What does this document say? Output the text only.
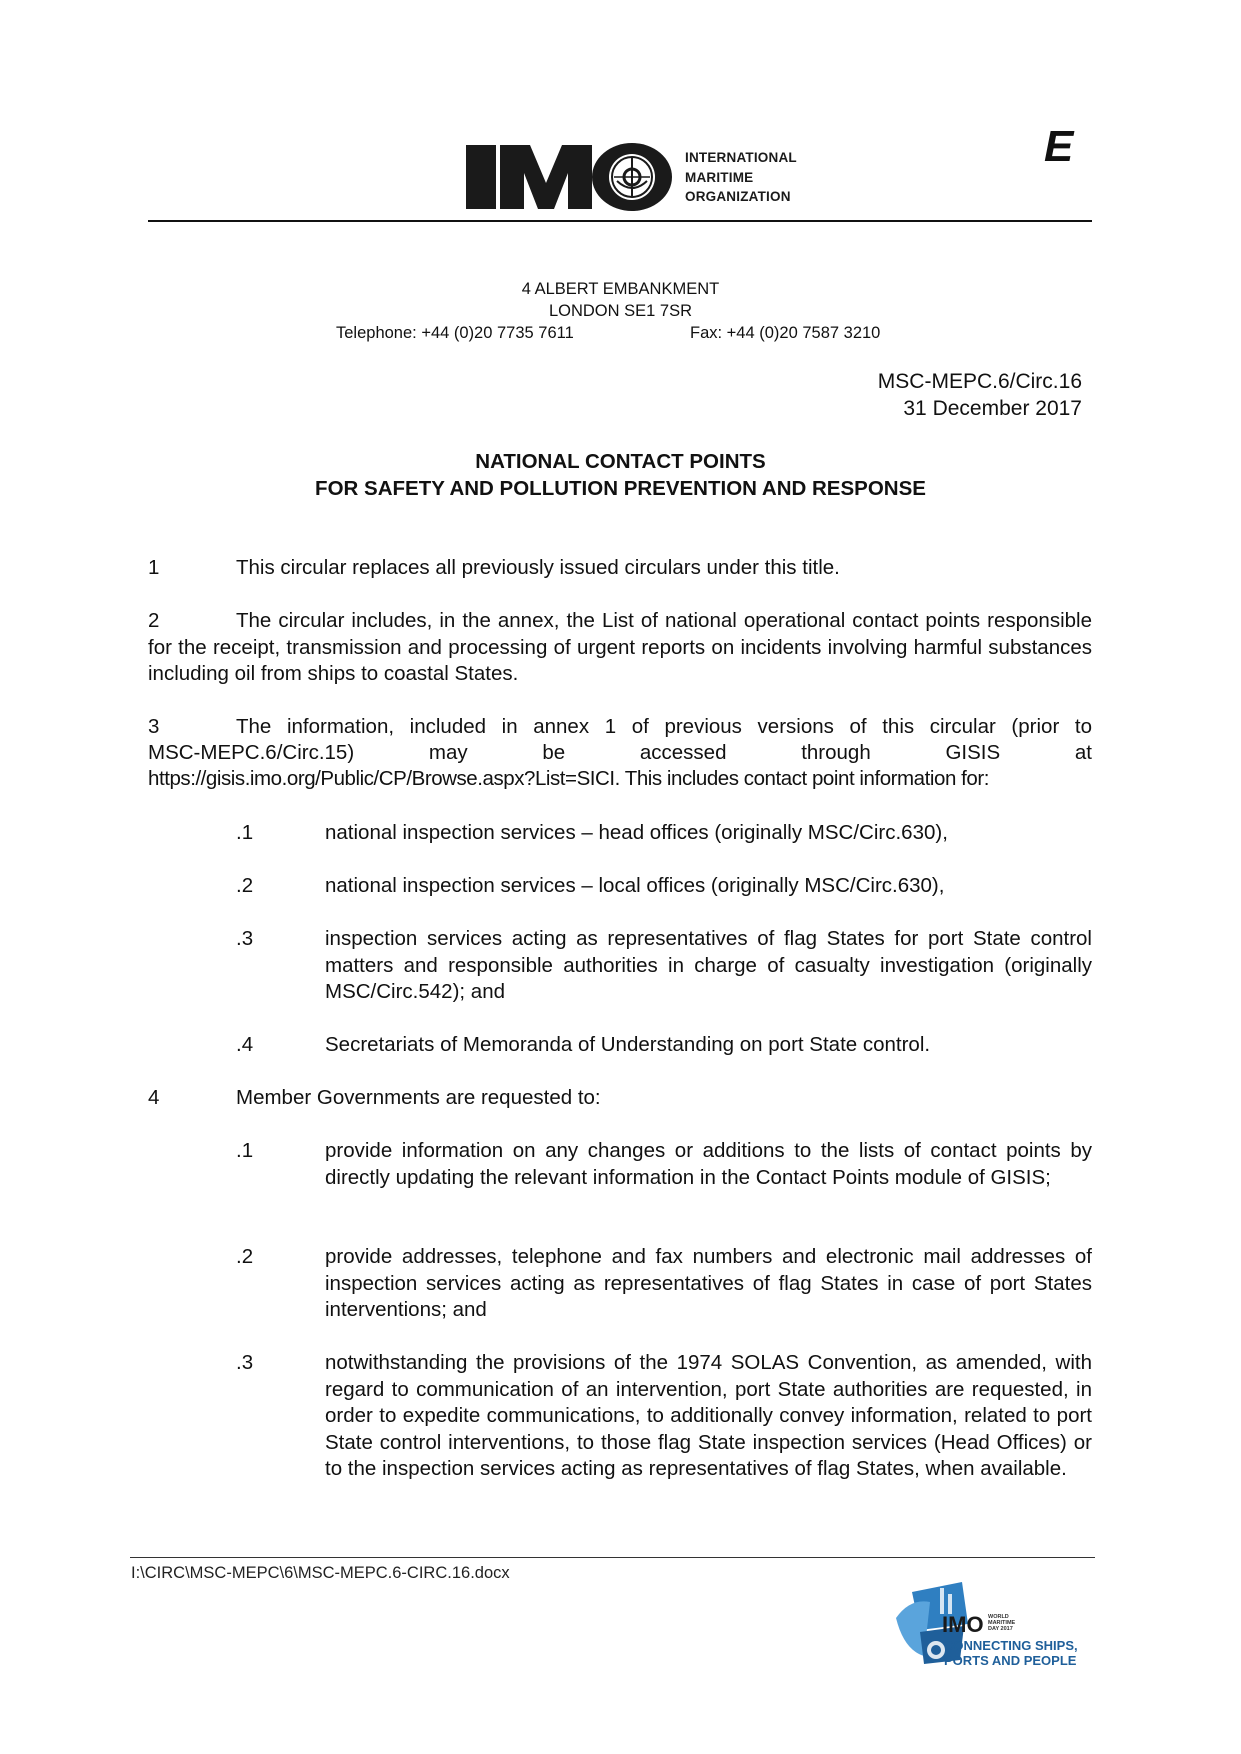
INTERNATIONAL
MARITIME
ORGANIZATION
E
4 ALBERT EMBANKMENT
LONDON SE1 7SR
Telephone: +44 (0)20 7735 7611	Fax: +44 (0)20 7587 3210
MSC-MEPC.6/Circ.16
31 December 2017
NATIONAL CONTACT POINTS
FOR SAFETY AND POLLUTION PREVENTION AND RESPONSE
1	This circular replaces all previously issued circulars under this title.
2	The circular includes, in the annex, the List of national operational contact points responsible for the receipt, transmission and processing of urgent reports on incidents involving harmful substances including oil from ships to coastal States.
3	The information, included in annex 1 of previous versions of this circular (prior to
MSC-MEPC.6/Circ.15)	may	be	accessed	through	GISIS	at
https://gisis.imo.org/Public/CP/Browse.aspx?List=SICI. This includes contact point information for:
.1	national inspection services – head offices (originally MSC/Circ.630),
.2	national inspection services – local offices (originally MSC/Circ.630),
.3	inspection services acting as representatives of flag States for port State control matters and responsible authorities in charge of casualty investigation (originally MSC/Circ.542); and
.4	Secretariats of Memoranda of Understanding on port State control.
4	Member Governments are requested to:
.1	provide information on any changes or additions to the lists of contact points by directly updating the relevant information in the Contact Points module of GISIS;
.2	provide addresses, telephone and fax numbers and electronic mail addresses of inspection services acting as representatives of flag States in case of port States interventions; and
.3	notwithstanding the provisions of the 1974 SOLAS Convention, as amended, with regard to communication of an intervention, port State authorities are requested, in order to expedite communications, to additionally convey information, related to port State control interventions, to those flag State inspection services (Head Offices) or to the inspection services acting as representatives of flag States, when available.
I:\CIRC\MSC-MEPC\6\MSC-MEPC.6-CIRC.16.docx
IMO WORLD
MARITIME
DAY 2017
CONNECTING SHIPS,
PORTS AND PEOPLE
